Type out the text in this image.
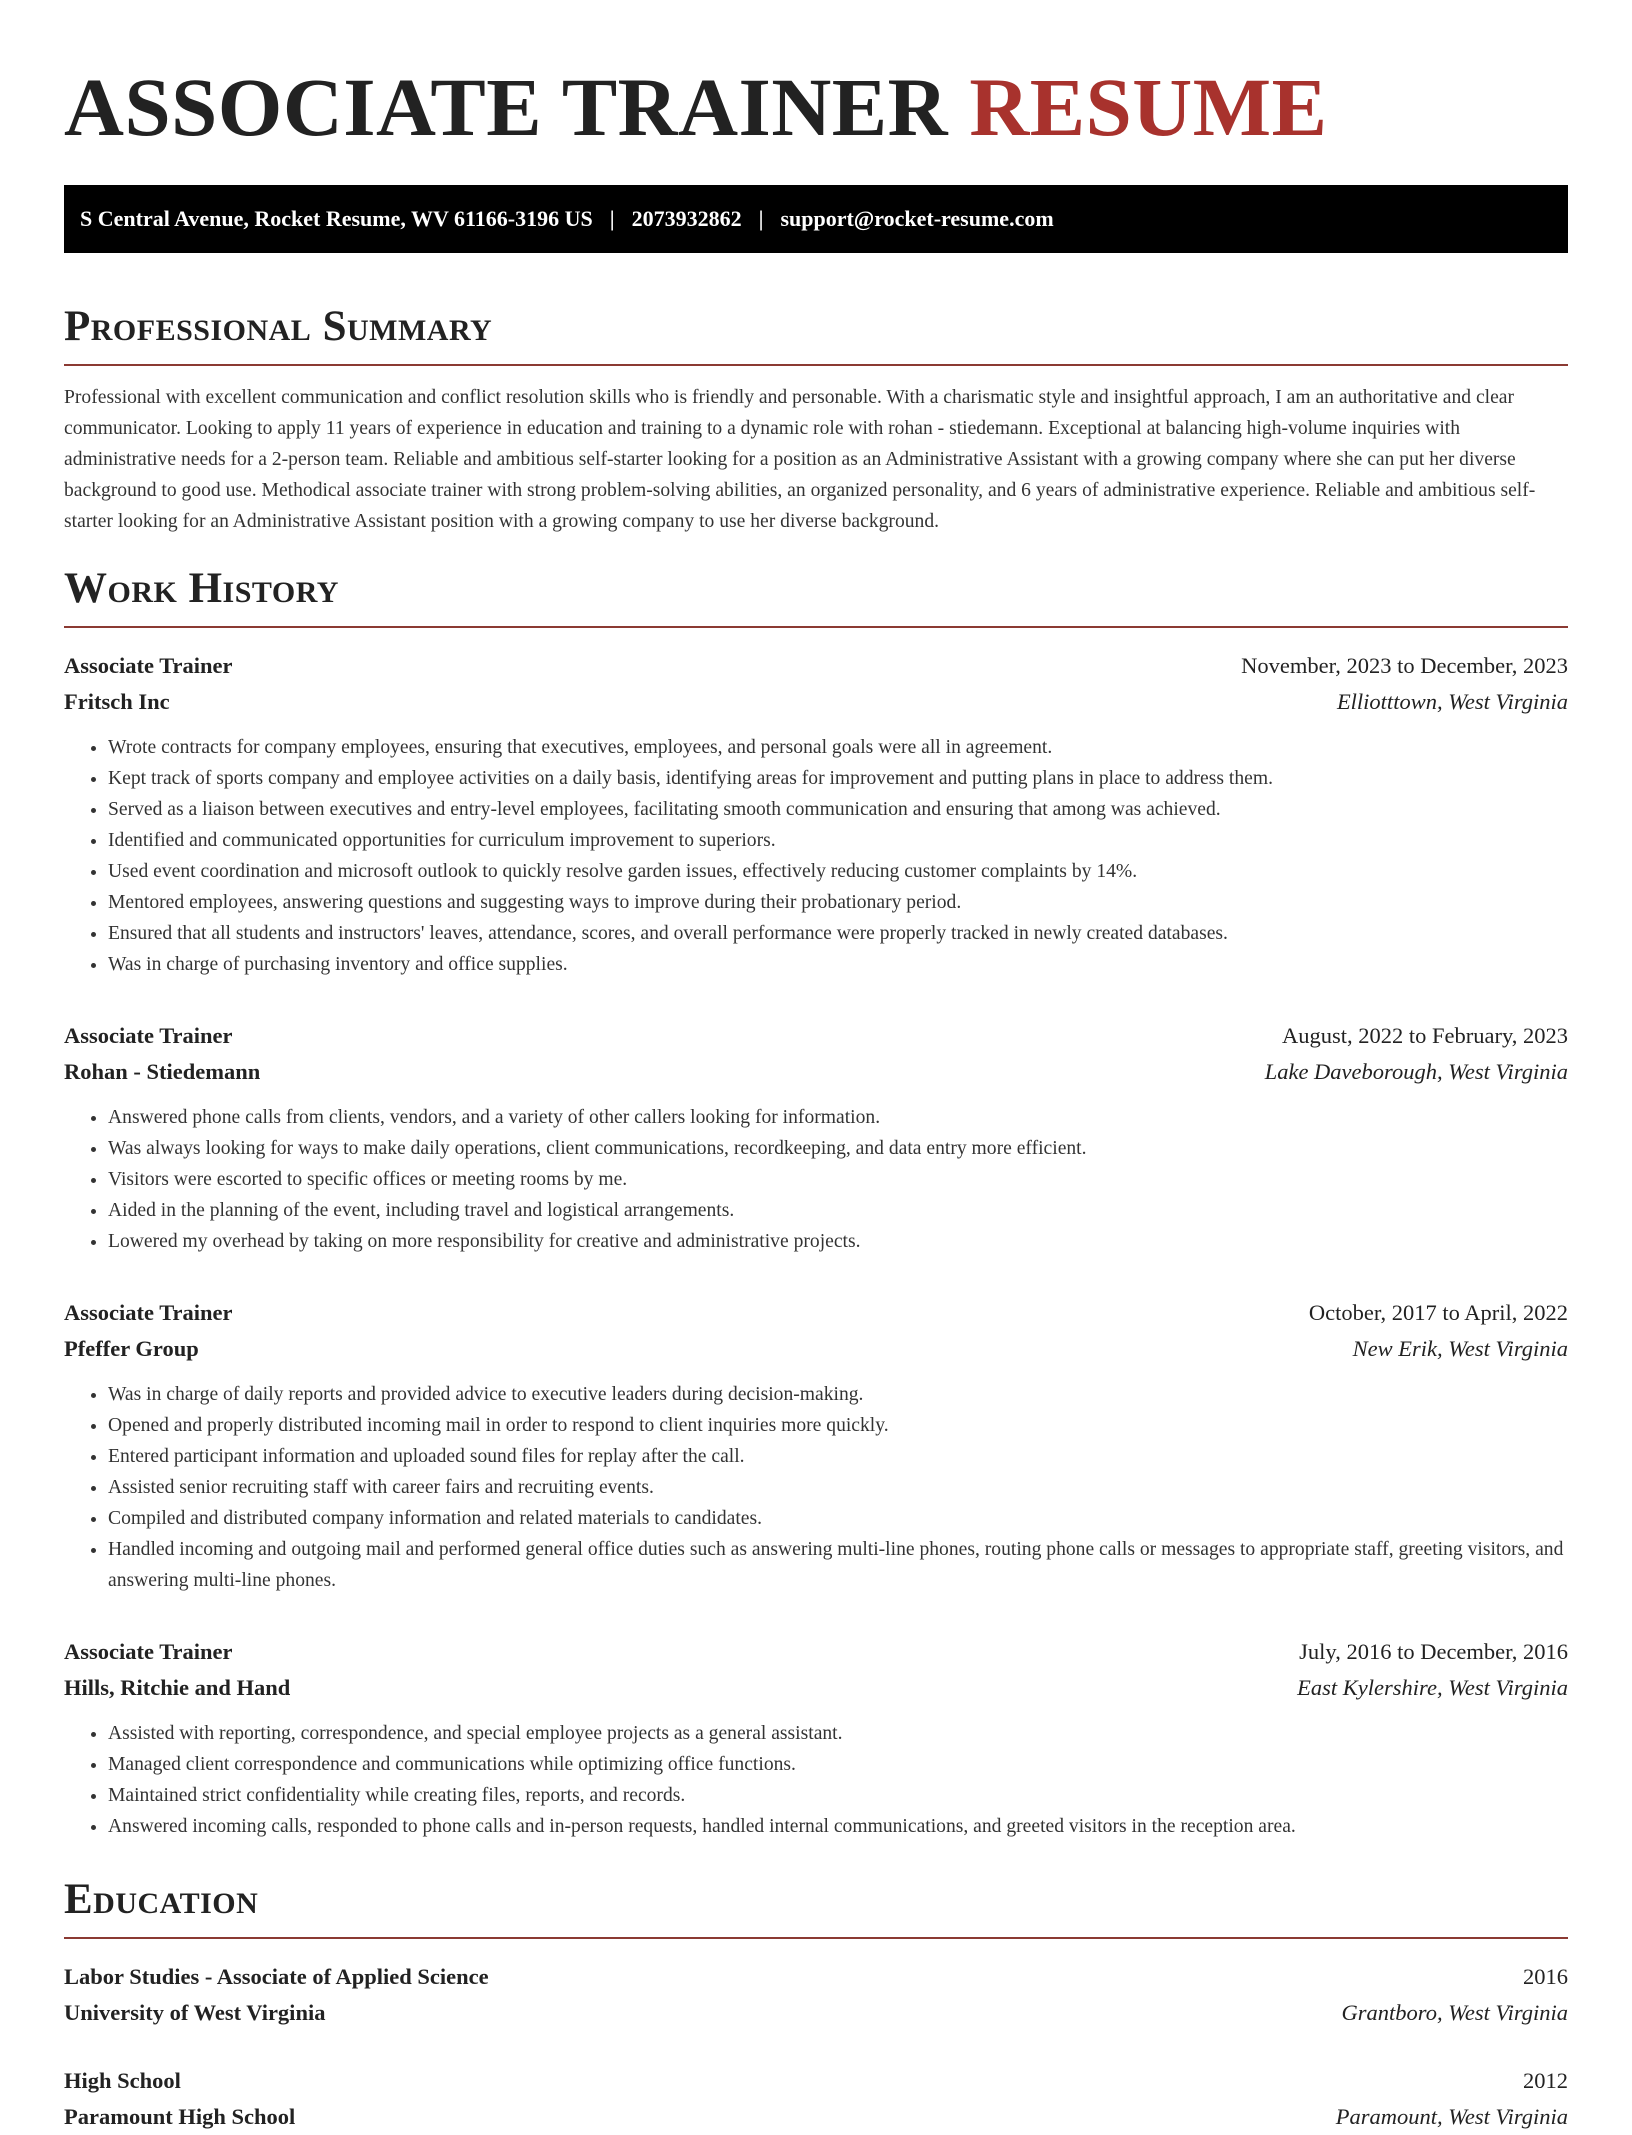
ASSOCIATE TRAINER RESUME
S Central Avenue, Rocket Resume, WV 61166-3196 US | 2073932862 | support@rocket-resume.com
Professional Summary

Professional with excellent communication and conflict resolution skills who is friendly and personable. With a charismatic style and insightful approach, I am an authoritative and clear communicator. Looking to apply 11 years of experience in education and training to a dynamic role with rohan - stiedemann. Exceptional at balancing high-volume inquiries with administrative needs for a 2-person team. Reliable and ambitious self-starter looking for a position as an Administrative Assistant with a growing company where she can put her diverse background to good use. Methodical associate trainer with strong problem-solving abilities, an organized personality, and 6 years of administrative experience. Reliable and ambitious self-starter looking for an Administrative Assistant position with a growing company to use her diverse background.

Work History
Associate Trainer	November, 2023 to December, 2023
Fritsch Inc	Elliotttown, West Virginia
• Wrote contracts for company employees, ensuring that executives, employees, and personal goals were all in agreement.
• Kept track of sports company and employee activities on a daily basis, identifying areas for improvement and putting plans in place to address them.
• Served as a liaison between executives and entry-level employees, facilitating smooth communication and ensuring that among was achieved.
• Identified and communicated opportunities for curriculum improvement to superiors.
• Used event coordination and microsoft outlook to quickly resolve garden issues, effectively reducing customer complaints by 14%.
• Mentored employees, answering questions and suggesting ways to improve during their probationary period.
• Ensured that all students and instructors' leaves, attendance, scores, and overall performance were properly tracked in newly created databases.
• Was in charge of purchasing inventory and office supplies.
Associate Trainer	August, 2022 to February, 2023
Rohan - Stiedemann	Lake Daveborough, West Virginia
• Answered phone calls from clients, vendors, and a variety of other callers looking for information.
• Was always looking for ways to make daily operations, client communications, recordkeeping, and data entry more efficient.
• Visitors were escorted to specific offices or meeting rooms by me.
• Aided in the planning of the event, including travel and logistical arrangements.
• Lowered my overhead by taking on more responsibility for creative and administrative projects.
Associate Trainer	October, 2017 to April, 2022
Pfeffer Group	New Erik, West Virginia
• Was in charge of daily reports and provided advice to executive leaders during decision-making.
• Opened and properly distributed incoming mail in order to respond to client inquiries more quickly.
• Entered participant information and uploaded sound files for replay after the call.
• Assisted senior recruiting staff with career fairs and recruiting events.
• Compiled and distributed company information and related materials to candidates.
• Handled incoming and outgoing mail and performed general office duties such as answering multi-line phones, routing phone calls or messages to appropriate staff, greeting visitors, and answering multi-line phones.
Associate Trainer	July, 2016 to December, 2016
Hills, Ritchie and Hand	East Kylershire, West Virginia
• Assisted with reporting, correspondence, and special employee projects as a general assistant.
• Managed client correspondence and communications while optimizing office functions.
• Maintained strict confidentiality while creating files, reports, and records.
• Answered incoming calls, responded to phone calls and in-person requests, handled internal communications, and greeted visitors in the reception area.
Education
Labor Studies - Associate of Applied Science	2016
University of West Virginia	Grantboro, West Virginia
High School	2012
Paramount High School	Paramount, West Virginia
